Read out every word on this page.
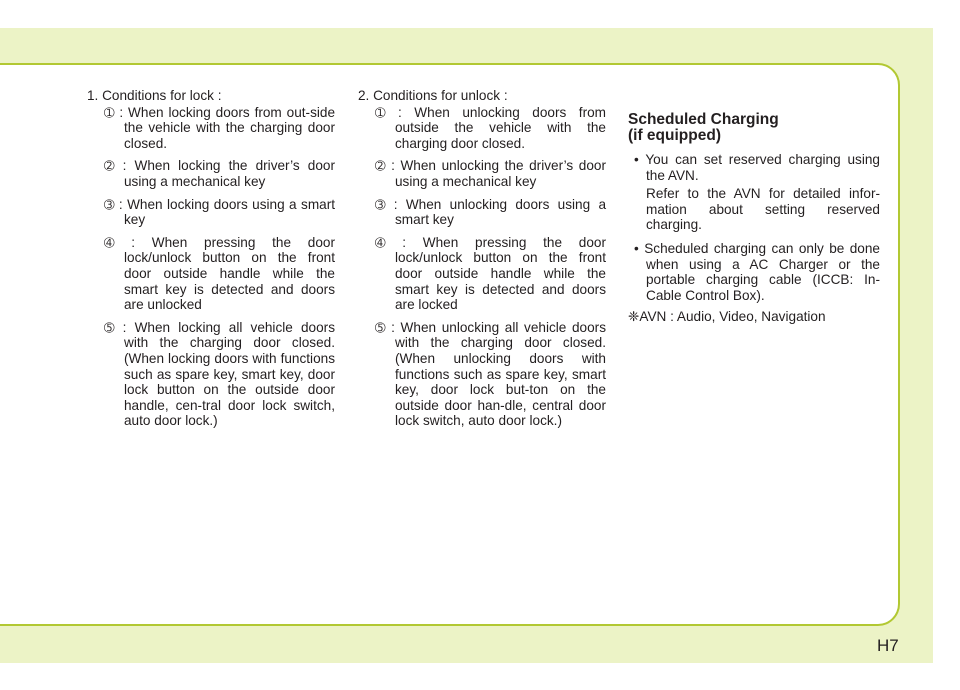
1. Conditions for lock :

➀ : When locking doors from out-side the vehicle with the charging door closed.

➁ : When locking the driver’s door using a mechanical key

➂ : When locking doors using a smart key

➃ : When pressing the door lock/unlock button on the front door outside handle while the smart key is detected and doors are unlocked

➄ : When locking all vehicle doors with the charging door closed. (When locking doors with functions such as spare key, smart key, door lock button on the outside door handle, cen-tral door lock switch, auto door lock.)

2. Conditions for unlock :

➀ : When unlocking doors from outside the vehicle with the charging door closed.

➁ : When unlocking the driver’s door using a mechanical key

➂ : When unlocking doors using a smart key

➃ : When pressing the door lock/unlock button on the front door outside handle while the smart key is detected and doors are locked

➄ : When unlocking all vehicle doors with the charging door closed. (When unlocking doors with functions such as spare key, smart key, door lock but-ton on the outside door han-dle, central door lock switch, auto door lock.)

Scheduled Charging
(if equipped)

• You can set reserved charging using the AVN.

Refer to the AVN for detailed infor-mation about setting reserved charging.

• Scheduled charging can only be done when using a AC Charger or the portable charging cable (ICCB: In-Cable Control Box).

❈AVN : Audio, Video, Navigation

H7
